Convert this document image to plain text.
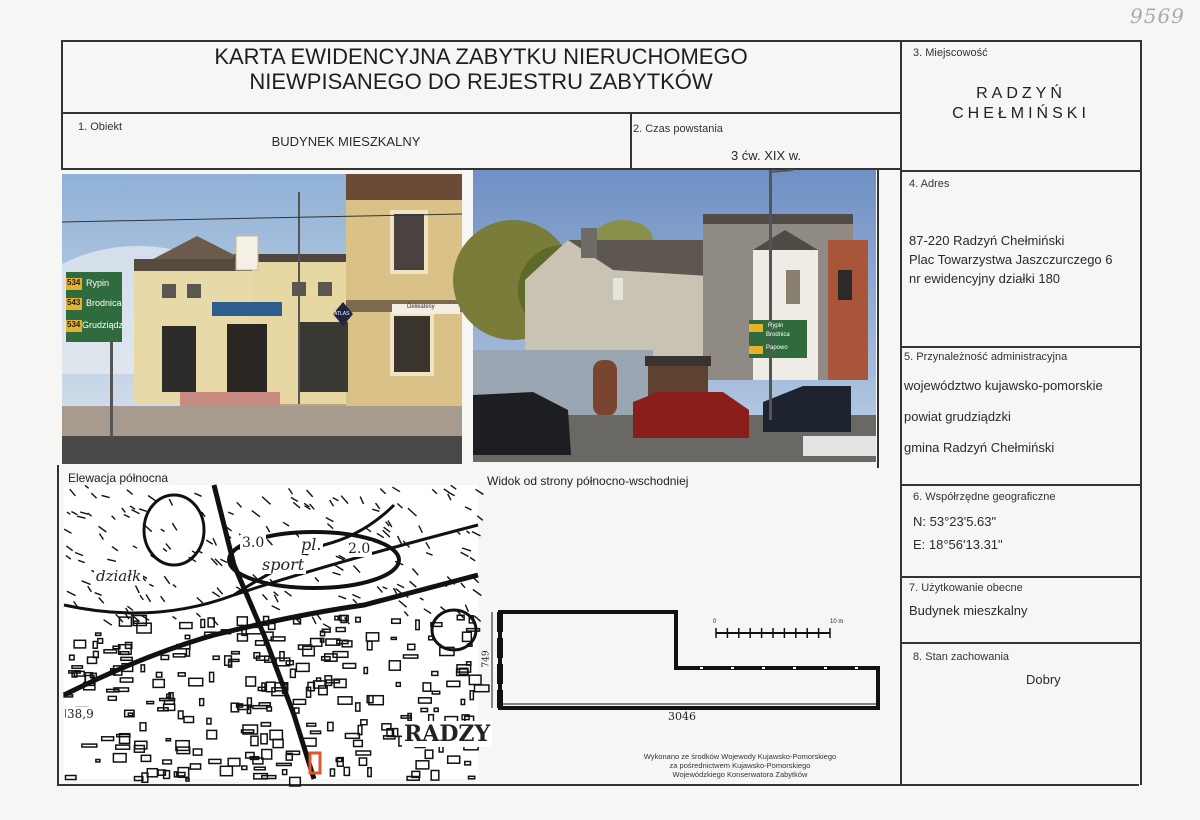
9569
KARTA EWIDENCYJNA ZABYTKU NIERUCHOMEGO
NIEWPISANEGO DO REJESTRU ZABYTKÓW
1. Obiekt
BUDYNEK MIESZKALNY
2. Czas powstania
3 ćw. XIX w.
3. Miejscowość
RADZYŃ
CHEŁMIŃSKI
4. Adres
87-220 Radzyń Chełmiński
Plac Towarzystwa Jaszczurczego 6
nr ewidencyjny działki 180
5. Przynależność administracyjna
województwo kujawsko-pomorskie
powiat grudziądzki
gmina Radzyń Chełmiński
6. Współrzędne geograficzne
N: 53°23'5.63"
E: 18°56'13.31"
7. Użytkowanie obecne
Budynek mieszkalny
8. Stan zachowania
Dobry
534
543
534
Rypin
Brodnica
Grudziądz
ATLAS
Delikatesy
Rypin
Brodnica
Papowo
Elewacja północna	Widok od strony północno-wschodniej
3.0 pl.
sport
działk
2.0
RADZY
38,9	3046
749
0	10 m
Wykonano ze środków Wojewody Kujawsko-Pomorskiego
za pośrednictwem Kujawsko-Pomorskiego
Wojewódzkiego Konserwatora Zabytków
